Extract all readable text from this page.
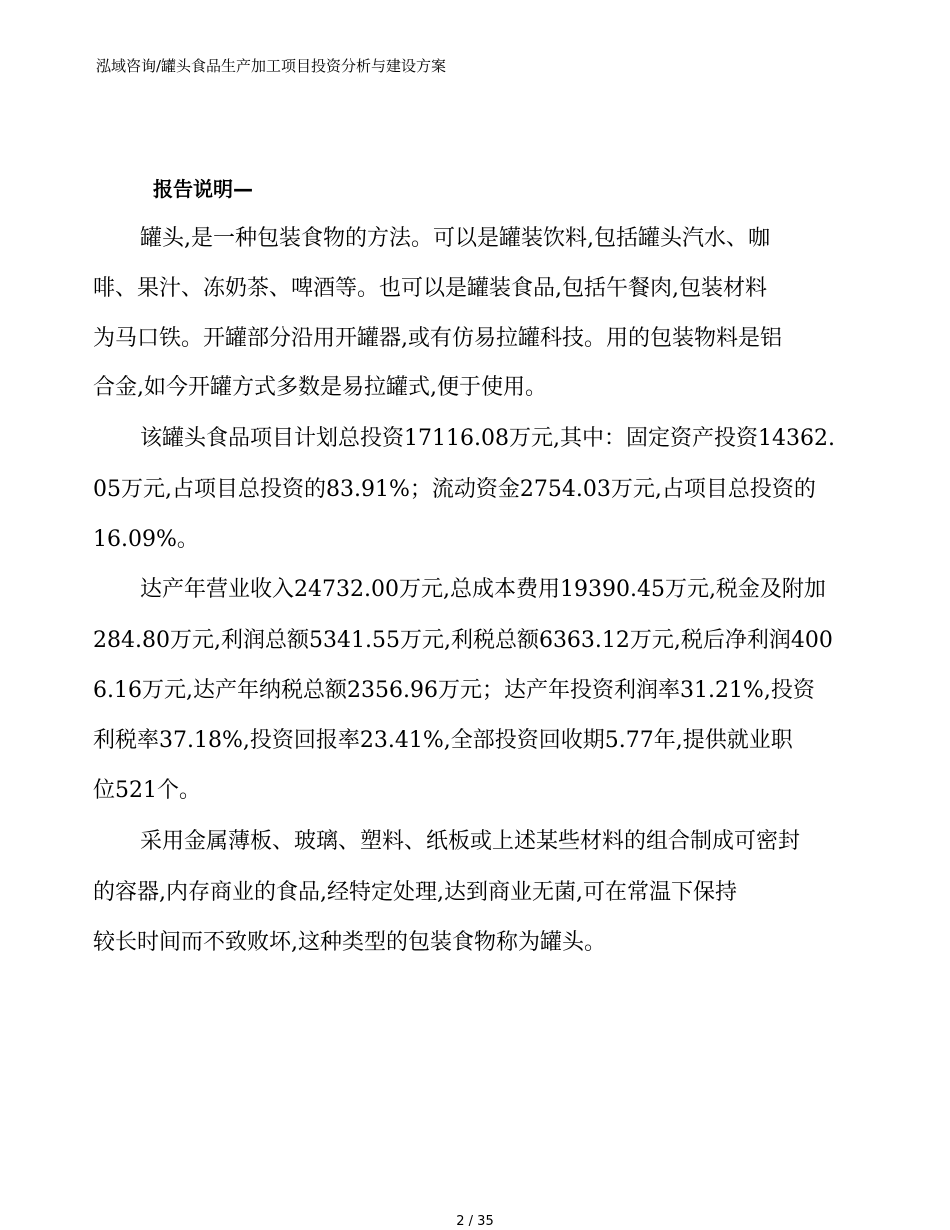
泓域咨询/罐头食品生产加工项目投资分析与建设方案
报告说明—
罐头,是一种包装食物的方法。可以是罐装饮料,包括罐头汽水、咖
啡、果汁、冻奶茶、啤酒等。也可以是罐装食品,包括午餐肉,包装材料
为马口铁。开罐部分沿用开罐器,或有仿易拉罐科技。用的包装物料是铝
合金,如今开罐方式多数是易拉罐式,便于使用。
该罐头食品项目计划总投资17116.08万元,其中：固定资产投资14362.
05万元,占项目总投资的83.91%；流动资金2754.03万元,占项目总投资的
16.09%。
达产年营业收入24732.00万元,总成本费用19390.45万元,税金及附加
284.80万元,利润总额5341.55万元,利税总额6363.12万元,税后净利润400
6.16万元,达产年纳税总额2356.96万元；达产年投资利润率31.21%,投资
利税率37.18%,投资回报率23.41%,全部投资回收期5.77年,提供就业职
位521个。
采用金属薄板、玻璃、塑料、纸板或上述某些材料的组合制成可密封
的容器,内存商业的食品,经特定处理,达到商业无菌,可在常温下保持
较长时间而不致败坏,这种类型的包装食物称为罐头。
2 / 35
